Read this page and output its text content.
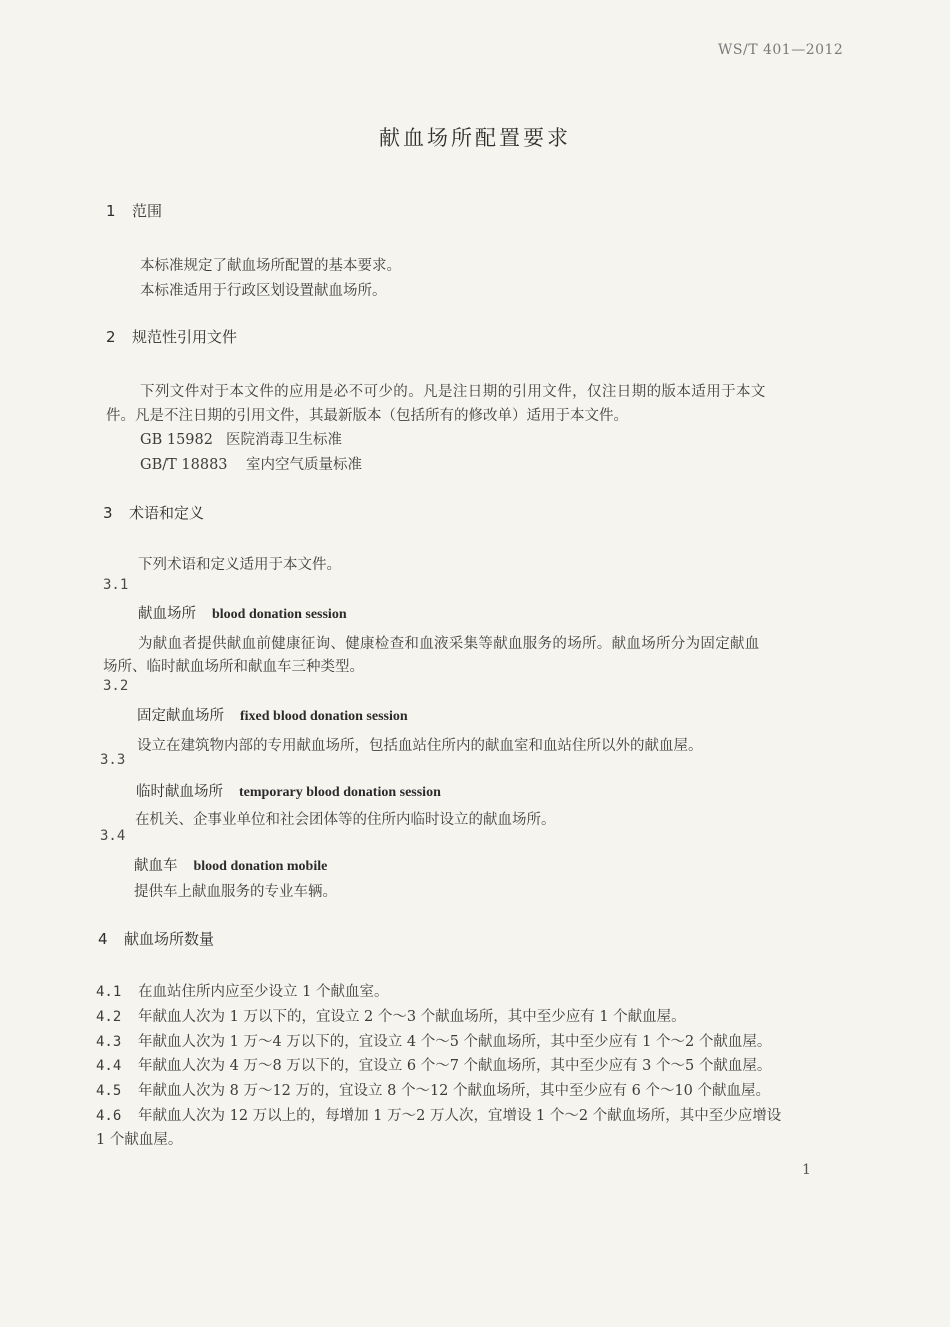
WS/T 401—2012
献血场所配置要求
1 范围
本标准规定了献血场所配置的基本要求。
本标准适用于行政区划设置献血场所。
2 规范性引用文件
下列文件对于本文件的应用是必不可少的。凡是注日期的引用文件，仅注日期的版本适用于本文
件。凡是不注日期的引用文件，其最新版本（包括所有的修改单）适用于本文件。
GB 15982 医院消毒卫生标准
GB/T 18883 室内空气质量标准
3 术语和定义
下列术语和定义适用于本文件。
3.1
献血场所 blood donation session
为献血者提供献血前健康征询、健康检查和血液采集等献血服务的场所。献血场所分为固定献血
场所、临时献血场所和献血车三种类型。
3.2
固定献血场所 fixed blood donation session
设立在建筑物内部的专用献血场所，包括血站住所内的献血室和血站住所以外的献血屋。
3.3
临时献血场所 temporary blood donation session
在机关、企事业单位和社会团体等的住所内临时设立的献血场所。
3.4
献血车 blood donation mobile
提供车上献血服务的专业车辆。
4 献血场所数量
4.1 在血站住所内应至少设立 1 个献血室。
4.2 年献血人次为 1 万以下的，宜设立 2 个～3 个献血场所，其中至少应有 1 个献血屋。
4.3 年献血人次为 1 万～4 万以下的，宜设立 4 个～5 个献血场所，其中至少应有 1 个～2 个献血屋。
4.4 年献血人次为 4 万～8 万以下的，宜设立 6 个～7 个献血场所，其中至少应有 3 个～5 个献血屋。
4.5 年献血人次为 8 万～12 万的，宜设立 8 个～12 个献血场所，其中至少应有 6 个～10 个献血屋。
4.6 年献血人次为 12 万以上的，每增加 1 万～2 万人次，宜增设 1 个～2 个献血场所，其中至少应增设
1 个献血屋。
1
